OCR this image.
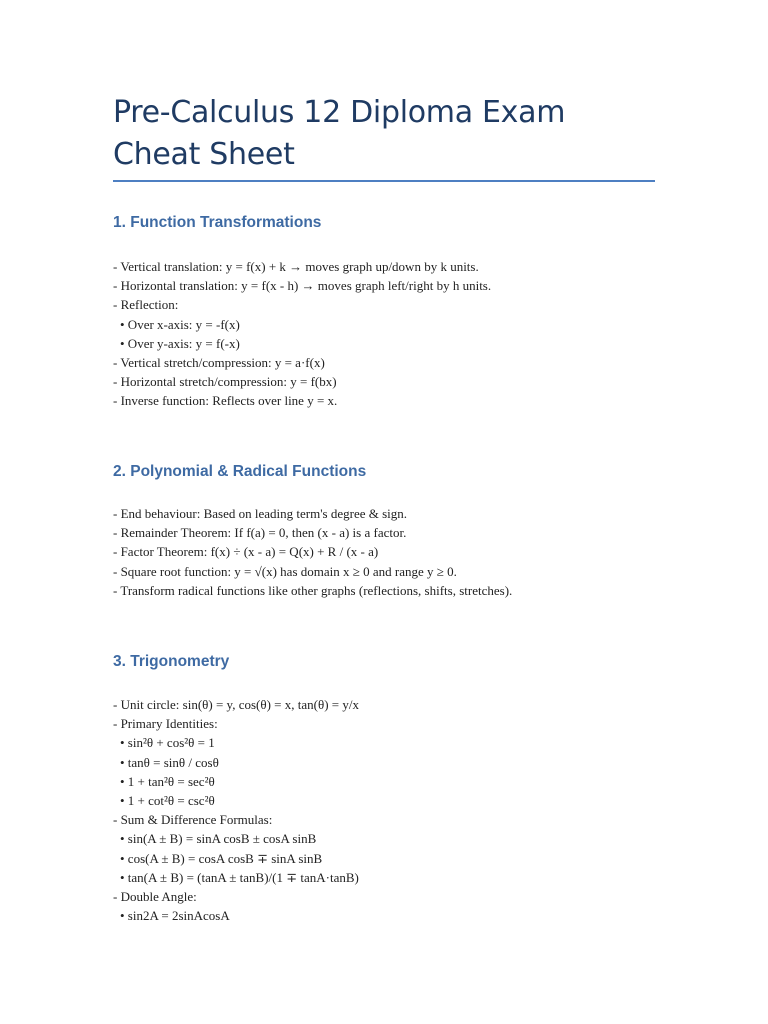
Pre-Calculus 12 Diploma Exam Cheat Sheet
1. Function Transformations
- Vertical translation: y = f(x) + k → moves graph up/down by k units.
- Horizontal translation: y = f(x - h) → moves graph left/right by h units.
- Reflection:
• Over x-axis: y = -f(x)
• Over y-axis: y = f(-x)
- Vertical stretch/compression: y = a·f(x)
- Horizontal stretch/compression: y = f(bx)
- Inverse function: Reflects over line y = x.
2. Polynomial & Radical Functions
- End behaviour: Based on leading term's degree & sign.
- Remainder Theorem: If f(a) = 0, then (x - a) is a factor.
- Factor Theorem: f(x) ÷ (x - a) = Q(x) + R / (x - a)
- Square root function: y = √(x) has domain x ≥ 0 and range y ≥ 0.
- Transform radical functions like other graphs (reflections, shifts, stretches).
3. Trigonometry
- Unit circle: sin(θ) = y, cos(θ) = x, tan(θ) = y/x
- Primary Identities:
• sin²θ + cos²θ = 1
• tanθ = sinθ / cosθ
• 1 + tan²θ = sec²θ
• 1 + cot²θ = csc²θ
- Sum & Difference Formulas:
• sin(A ± B) = sinA cosB ± cosA sinB
• cos(A ± B) = cosA cosB ∓ sinA sinB
• tan(A ± B) = (tanA ± tanB)/(1 ∓ tanA·tanB)
- Double Angle:
• sin2A = 2sinAcosA
